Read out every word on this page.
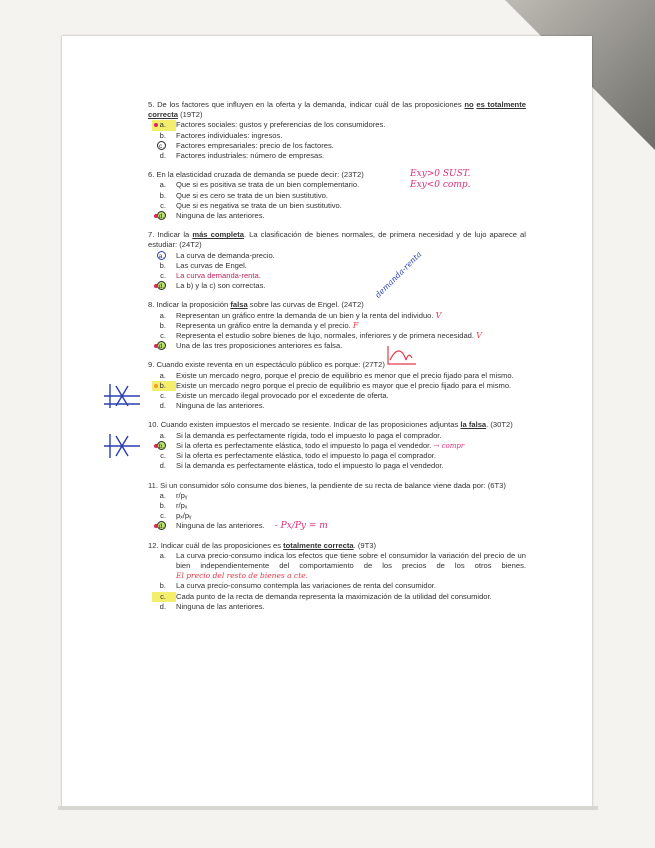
5. De los factores que influyen en la oferta y la demanda, indicar cuál de las proposiciones no es totalmente correcta (19T2)
a.	Factores sociales: gustos y preferencias de los consumidores.
b.	Factores individuales: ingresos.
c.	Factores empresariales: precio de los factores.
d.	Factores industriales: número de empresas.
6. En la elasticidad cruzada de demanda se puede decir: (23T2)
a.	Que si es positiva se trata de un bien complementario.
b.	Que si es cero se trata de un bien sustitutivo.
c.	Que si es negativa se trata de un bien sustitutivo.
d.	Ninguna de las anteriores.
Exy>0 SUST.
Exy<0 comp.
7. Indicar la más completa. La clasificación de bienes normales, de primera necesidad y de lujo aparece al estudiar: (24T2)
a.	La curva de demanda-precio.
b.	Las curvas de Engel.
c.	La curva demanda-renta.
d.	La b) y la c) son correctas.	demanda-renta
8. Indicar la proposición falsa sobre las curvas de Engel. (24T2)
a.	Representan un gráfico entre la demanda de un bien y la renta del individuo. V
b.	Representa un gráfico entre la demanda y el precio. F
c.	Representa el estudio sobre bienes de lujo, normales, inferiores y de primera necesidad. V
d.	Una de las tres proposiciones anteriores es falsa.
9. Cuando existe reventa en un espectáculo público es porque: (27T2)
a.	Existe un mercado negro, porque el precio de equilibrio es menor que el precio fijado para el mismo.
b.	Existe un mercado negro porque el precio de equilibrio es mayor que el precio fijado para el mismo.
c.	Existe un mercado ilegal provocado por el excedente de oferta.
d.	Ninguna de las anteriores.
10. Cuando existen impuestos el mercado se resiente. Indicar de las proposiciones adjuntas la falsa. (30T2)
a.	Si la demanda es perfectamente rígida, todo el impuesto lo paga el comprador.
b.	Si la oferta es perfectamente elástica, todo el impuesto lo paga el vendedor. → compr
c.	Si la oferta es perfectamente elástica, todo el impuesto lo paga el comprador.
d.	Si la demanda es perfectamente elástica, todo el impuesto lo paga el vendedor.
11. Si un consumidor sólo consume dos bienes, la pendiente de su recta de balance viene dada por: (6T3)
a.	r/pᵧ
b.	r/pₓ
c.	pₓ/pᵧ
d.	Ninguna de las anteriores. - Px/Py = m
12. Indicar cuál de las proposiciones es totalmente correcta. (9T3)
a.	La curva precio-consumo indica los efectos que tiene sobre el consumidor la variación del precio de un bien independientemente del comportamiento de los precios de los otros bienes. El precio del resto de bienes a cte.
b.	La curva precio-consumo contempla las variaciones de renta del consumidor.
c.	Cada punto de la recta de demanda representa la maximización de la utilidad del consumidor.
d.	Ninguna de las anteriores.
